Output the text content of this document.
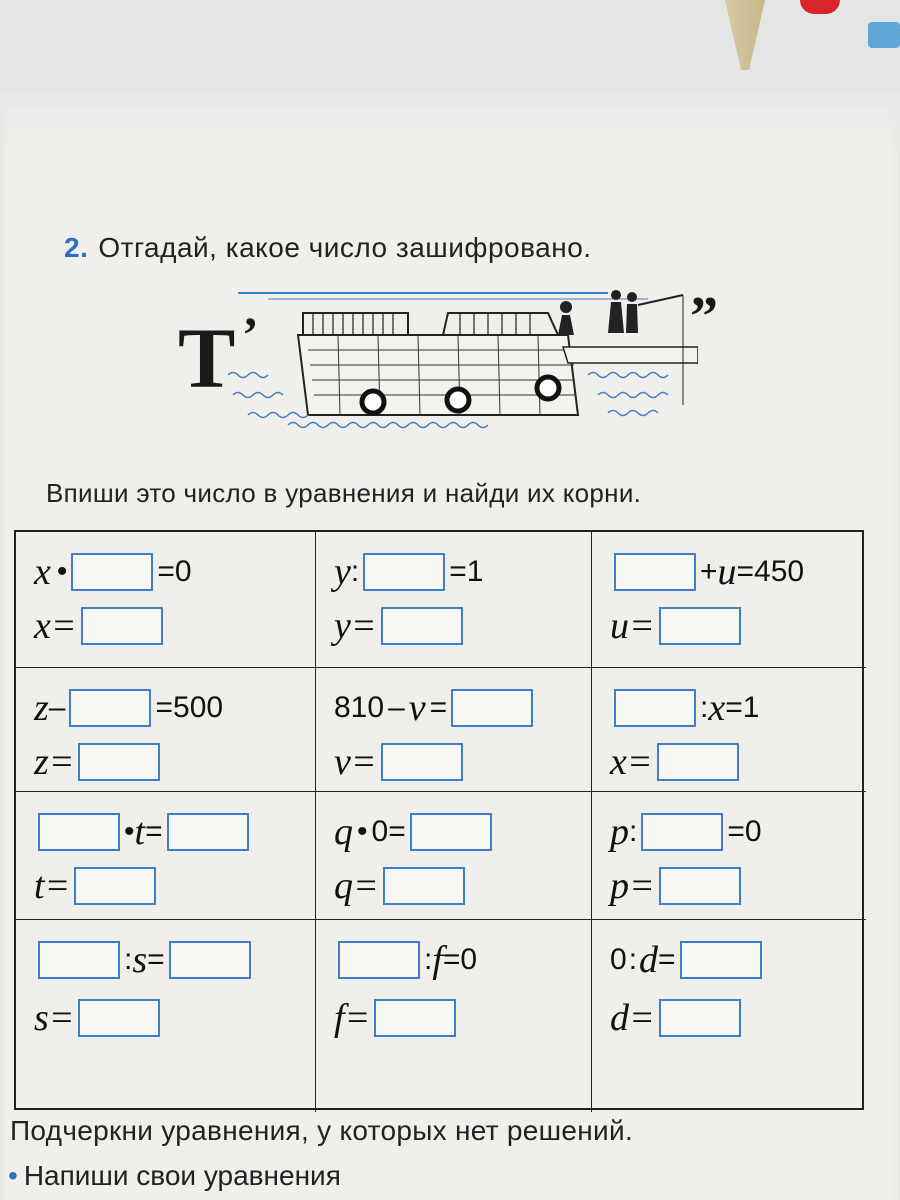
2. Отгадай, какое число зашифровано.
Т ’	”
Впиши это число в уравнения и найди их корни.
x •	=0
x=
y :	=1
y=
+ u =450
u=
z –	=500
z=
810 – v =
v=
: x =1
x=
• t =
t=
q • 0=
q=
p :	=0
p=
: s =
s=
: f =0
f=
0 : d =
d=
Подчеркни уравнения, у которых нет решений.
• Напиши свои уравнения
